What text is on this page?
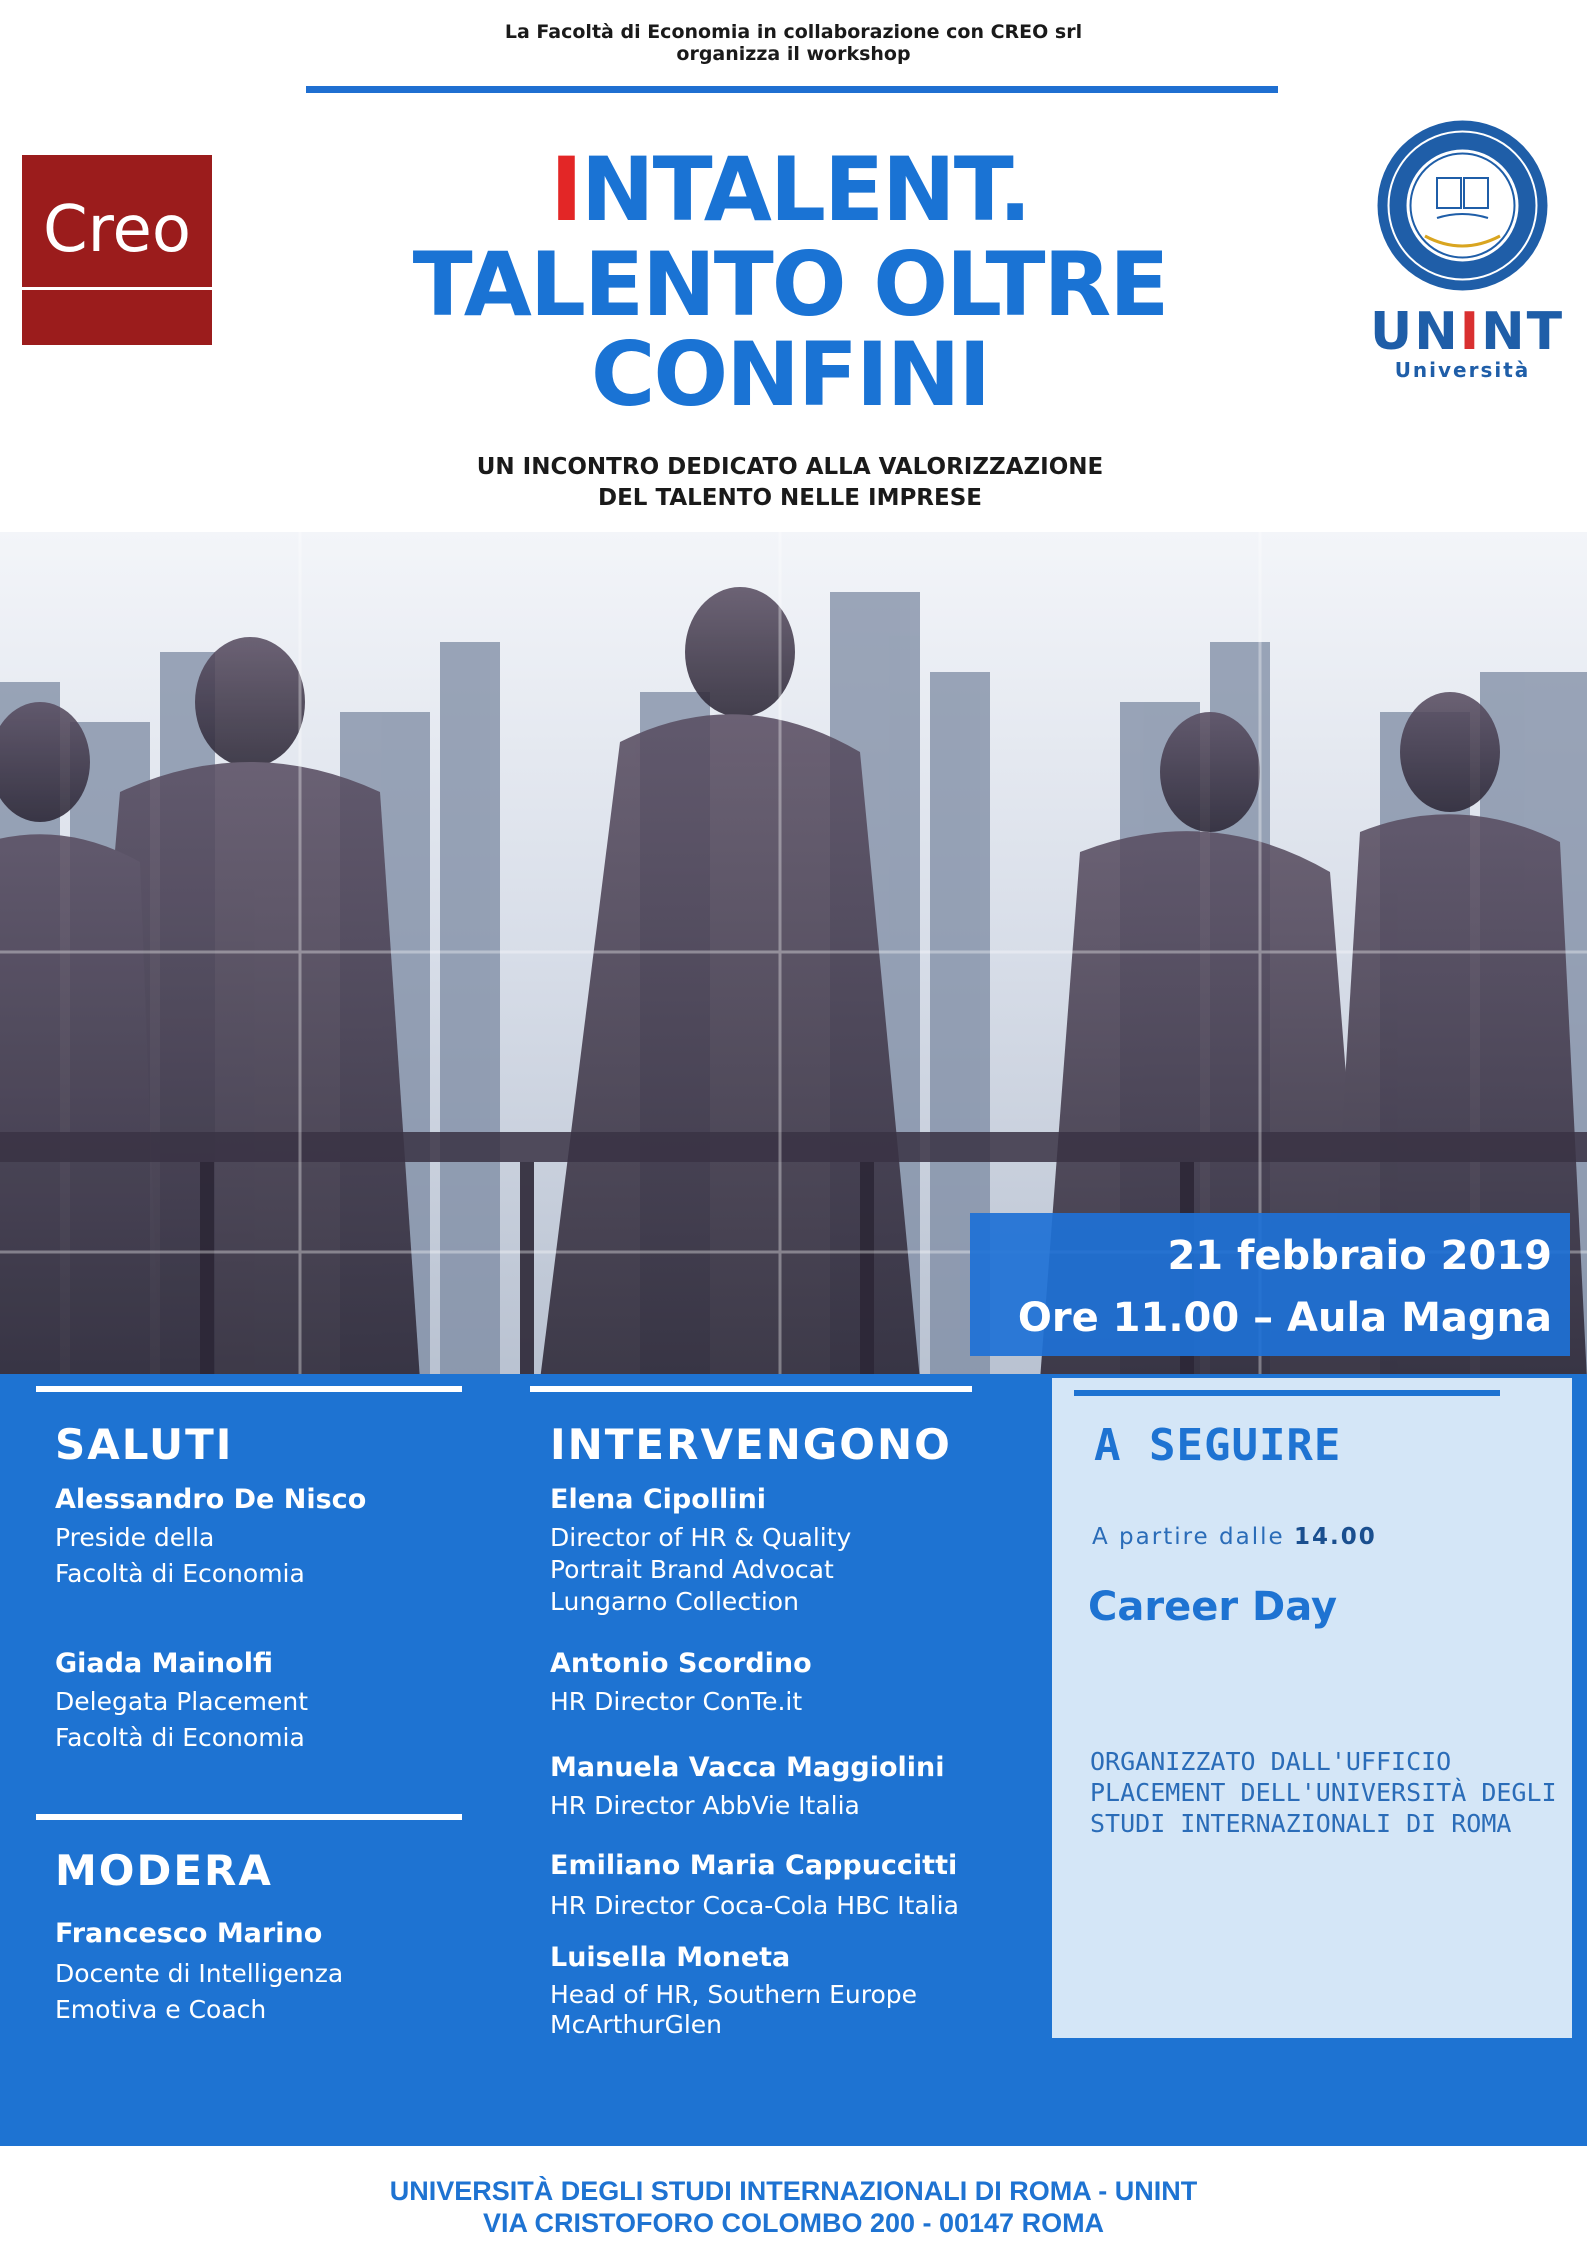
La Facoltà di Economia in collaborazione con CREO srl
organizza il workshop
Creo	INTALENT.
TALENTO OLTRE
CONFINI
UN INCONTRO DEDICATO ALLA VALORIZZAZIONE
DEL TALENTO NELLE IMPRESE
UNINT
Università
21 febbraio 2019
Ore 11.00 – Aula Magna
SALUTI
Alessandro De Nisco
Preside della
Facoltà di Economia
Giada Mainolfi
Delegata Placement
Facoltà di Economia
MODERA
Francesco Marino
Docente di Intelligenza
Emotiva e Coach
INTERVENGONO
Elena Cipollini
Director of HR & Quality
Portrait Brand Advocat
Lungarno Collection
Antonio Scordino
HR Director ConTe.it
Manuela Vacca Maggiolini
HR Director AbbVie Italia
Emiliano Maria Cappuccitti
HR Director Coca-Cola HBC Italia
Luisella Moneta
Head of HR, Southern Europe
McArthurGlen
A SEGUIRE
A partire dalle 14.00
Career Day
ORGANIZZATO DALL'UFFICIO
PLACEMENT DELL'UNIVERSITÀ DEGLI
STUDI INTERNAZIONALI DI ROMA
UNIVERSITÀ DEGLI STUDI INTERNAZIONALI DI ROMA - UNINT
VIA CRISTOFORO COLOMBO 200 - 00147 ROMA
